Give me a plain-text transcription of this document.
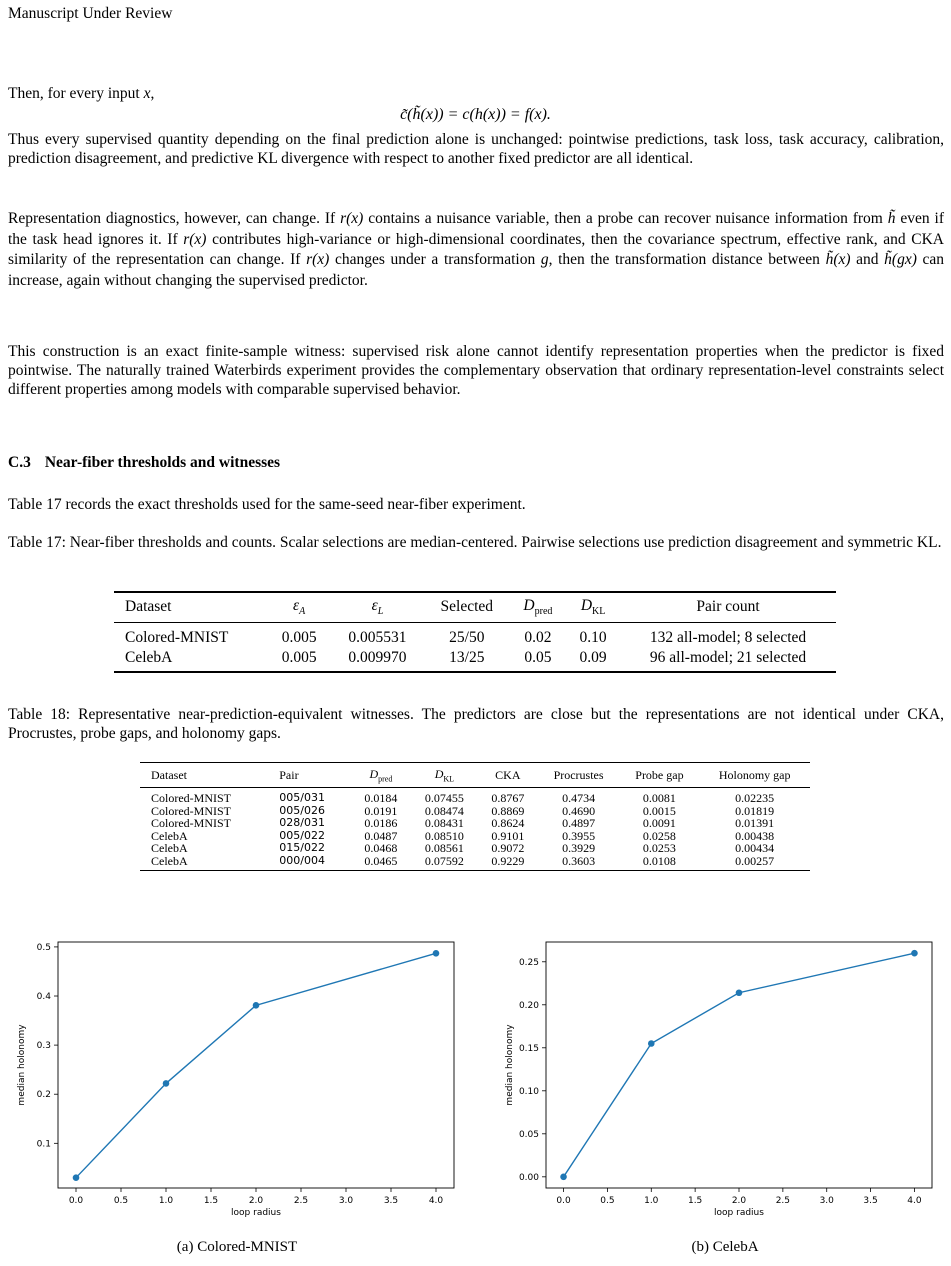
Manuscript Under Review

Then, for every input x,

c̃(h̃(x)) = c(h(x)) = f(x).

Thus every supervised quantity depending on the final prediction alone is unchanged: pointwise predictions, task loss, task accuracy, calibration, prediction disagreement, and predictive KL divergence with respect to another fixed predictor are all identical.

Representation diagnostics, however, can change. If r(x) contains a nuisance variable, then a probe can recover nuisance information from h̃ even if the task head ignores it. If r(x) contributes high-variance or high-dimensional coordinates, then the covariance spectrum, effective rank, and CKA similarity of the representation can change. If r(x) changes under a transformation g, then the transformation distance between h̃(x) and h̃(gx) can increase, again without changing the supervised predictor.

This construction is an exact finite-sample witness: supervised risk alone cannot identify representation properties when the predictor is fixed pointwise. The naturally trained Waterbirds experiment provides the complementary observation that ordinary representation-level constraints select different properties among models with comparable supervised behavior.

C.3 Near-fiber thresholds and witnesses

Table 17 records the exact thresholds used for the same-seed near-fiber experiment.

Table 17: Near-fiber thresholds and counts. Scalar selections are median-centered. Pairwise selections use prediction disagreement and symmetric KL.

Dataset	$\varepsilon_A$	$\varepsilon_L$	Selected	$D_{pred}$	$D_{KL}$	Pair count
Colored-MNIST	0.005	0.005531	25/50	0.02	0.10	132 all-model; 8 selected
CelebA	0.005	0.009970	13/25	0.05	0.09	96 all-model; 21 selected

Table 18: Representative near-prediction-equivalent witnesses. The predictors are close but the representations are not identical under CKA, Procrustes, probe gaps, and holonomy gaps.

Dataset	Pair	$D_{pred}$	$D_{KL}$	CKA	Procrustes	Probe gap	Holonomy gap
Colored-MNIST	005/031	0.0184	0.07455	0.8767	0.4734	0.0081	0.02235
Colored-MNIST	005/026	0.0191	0.08474	0.8869	0.4690	0.0015	0.01819
Colored-MNIST	028/031	0.0186	0.08431	0.8624	0.4897	0.0091	0.01391
CelebA	005/022	0.0487	0.08510	0.9101	0.3955	0.0258	0.00438
CelebA	015/022	0.0468	0.08561	0.9072	0.3929	0.0253	0.00434
CelebA	000/004	0.0465	0.07592	0.9229	0.3603	0.0108	0.00257
0.0	0.5	1.0	1.5	2.0	2.5	3.0	3.5	4.0
0.1
0.2
0.3
0.4
0.5
loop radius
median holonomy
0.0	0.5	1.0	1.5	2.0	2.5	3.0	3.5	4.0
0.00
0.05
0.10
0.15
0.20
0.25
loop radius
median holonomy
(a) Colored-MNIST	(b) CelebA
